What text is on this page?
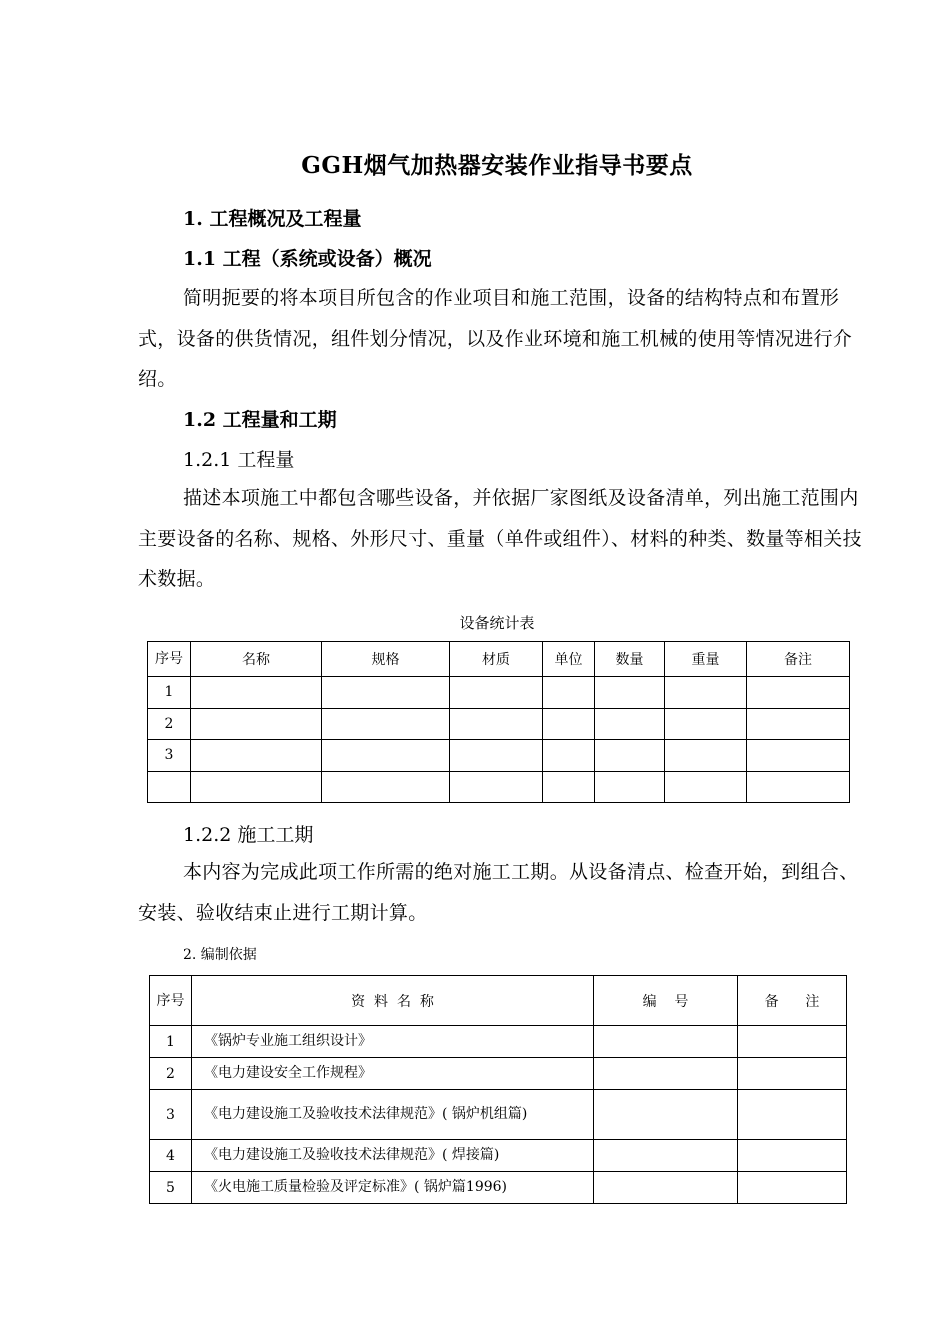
GGH烟气加热器安装作业指导书要点
1. 工程概况及工程量
1.1 工程（系统或设备）概况
简明扼要的将本项目所包含的作业项目和施工范围，设备的结构特点和布置形式，设备的供货情况，组件划分情况，以及作业环境和施工机械的使用等情况进行介绍。
1.2 工程量和工期
1.2.1 工程量
描述本项施工中都包含哪些设备，并依据厂家图纸及设备清单，列出施工范围内主要设备的名称、规格、外形尺寸、重量（单件或组件）、材料的种类、数量等相关技术数据。
设备统计表
序号	名称	规格	材质	单位	数量	重量	备注
1							
2							
3							

1.2.2 施工工期
本内容为完成此项工作所需的绝对施工工期。从设备清点、检查开始，到组合、安装、验收结束止进行工期计算。
2. 编制依据
序号	资  料  名  称	编    号	备      注
1	《锅炉专业施工组织设计》		
2	《电力建设安全工作规程》		
3	《电力建设施工及验收技术法律规范》( 锅炉机组篇)		
4	《电力建设施工及验收技术法律规范》( 焊接篇)		
5	《火电施工质量检验及评定标准》( 锅炉篇1996)		
